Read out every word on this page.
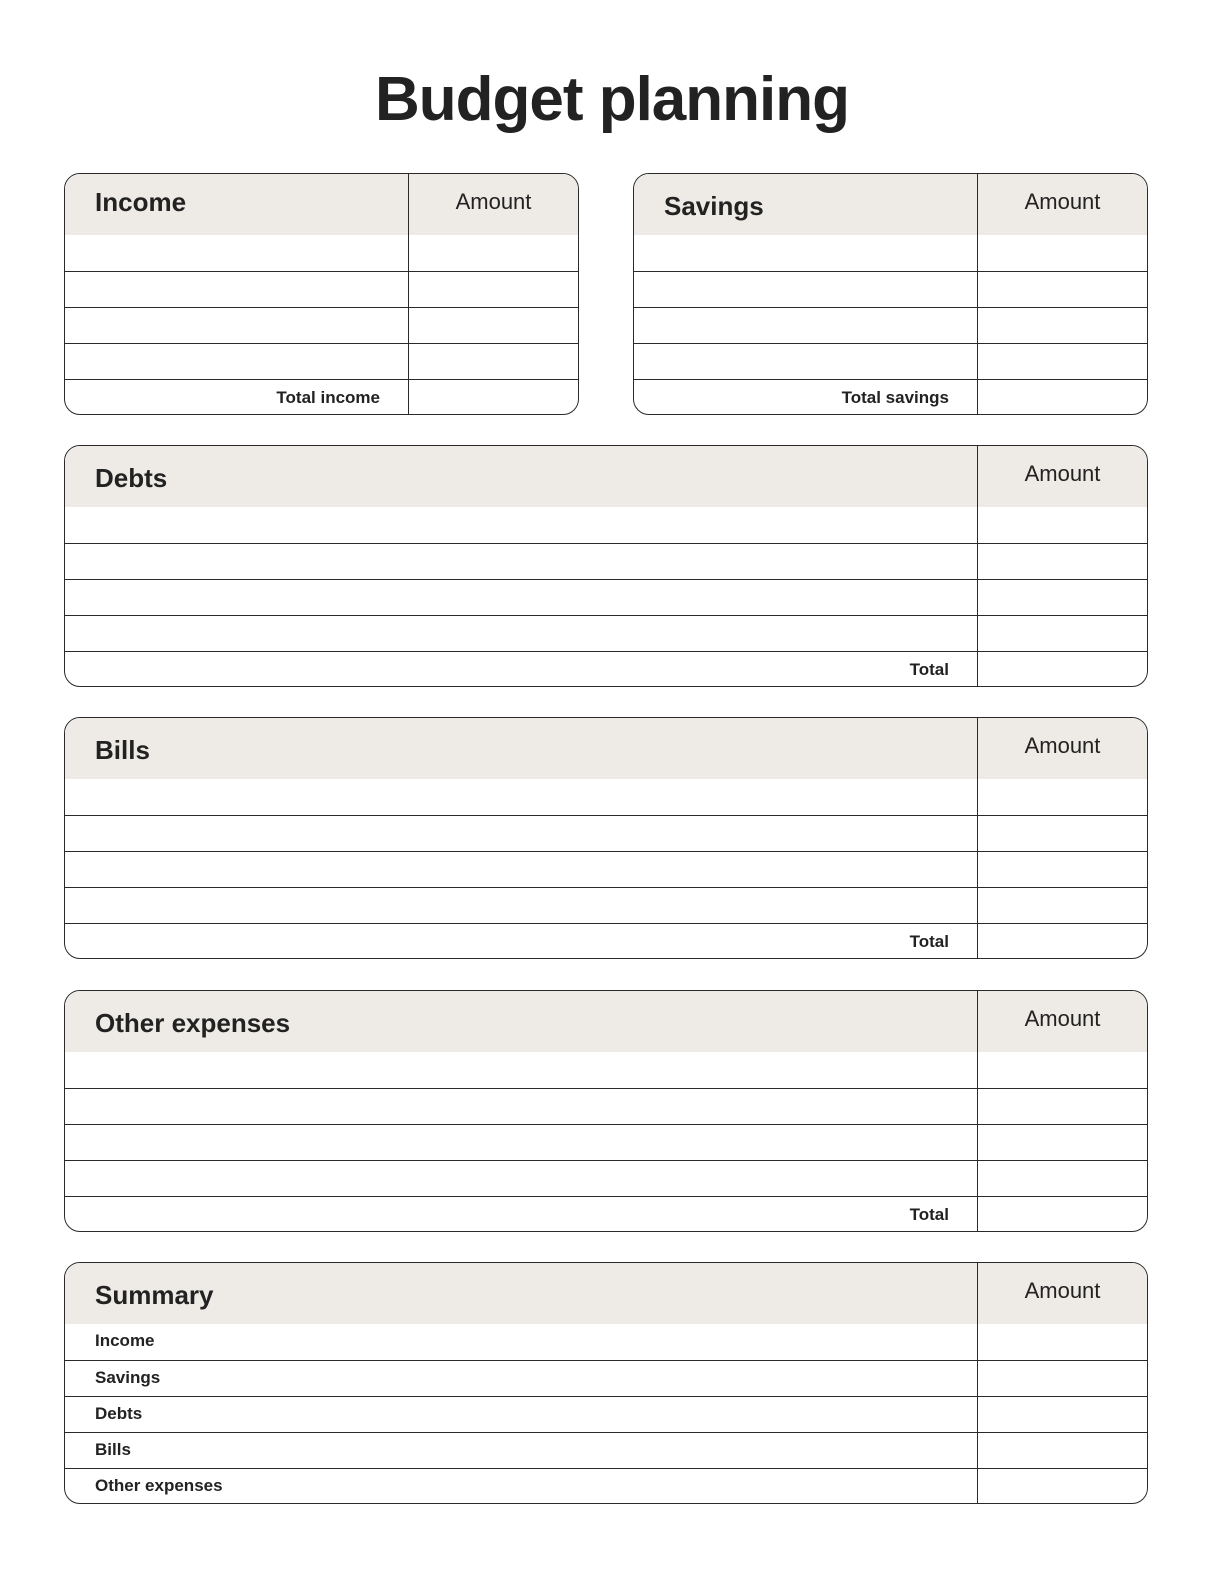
Budget planning
Income	Amount
Total income
Savings	Amount
Total savings
Debts	Amount
Total
Bills	Amount
Total
Other expenses	Amount
Total
Summary	Amount
Income
Savings
Debts
Bills
Other expenses
